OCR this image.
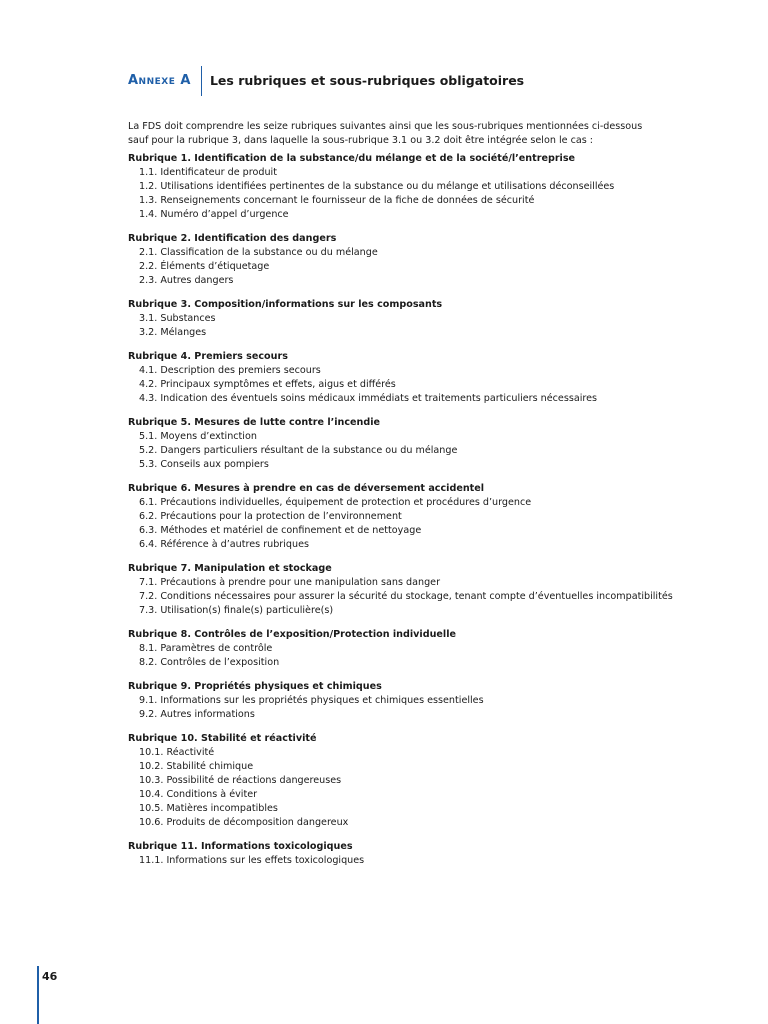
Annexe A	Les rubriques et sous-rubriques obligatoires

La FDS doit comprendre les seize rubriques suivantes ainsi que les sous-rubriques mentionnées ci-dessous
sauf pour la rubrique 3, dans laquelle la sous-rubrique 3.1 ou 3.2 doit être intégrée selon le cas :

Rubrique 1. Identification de la substance/du mélange et de la société/l’entreprise
1.1. Identificateur de produit
1.2. Utilisations identifiées pertinentes de la substance ou du mélange et utilisations déconseillées
1.3. Renseignements concernant le fournisseur de la fiche de données de sécurité
1.4. Numéro d’appel d’urgence
Rubrique 2. Identification des dangers
2.1. Classification de la substance ou du mélange
2.2. Éléments d’étiquetage
2.3. Autres dangers
Rubrique 3. Composition/informations sur les composants
3.1. Substances
3.2. Mélanges
Rubrique 4. Premiers secours
4.1. Description des premiers secours
4.2. Principaux symptômes et effets, aigus et différés
4.3. Indication des éventuels soins médicaux immédiats et traitements particuliers nécessaires
Rubrique 5. Mesures de lutte contre l’incendie
5.1. Moyens d’extinction
5.2. Dangers particuliers résultant de la substance ou du mélange
5.3. Conseils aux pompiers
Rubrique 6. Mesures à prendre en cas de déversement accidentel
6.1. Précautions individuelles, équipement de protection et procédures d’urgence
6.2. Précautions pour la protection de l’environnement
6.3. Méthodes et matériel de confinement et de nettoyage
6.4. Référence à d’autres rubriques
Rubrique 7. Manipulation et stockage
7.1. Précautions à prendre pour une manipulation sans danger
7.2. Conditions nécessaires pour assurer la sécurité du stockage, tenant compte d’éventuelles incompatibilités
7.3. Utilisation(s) finale(s) particulière(s)
Rubrique 8. Contrôles de l’exposition/Protection individuelle
8.1. Paramètres de contrôle
8.2. Contrôles de l’exposition
Rubrique 9. Propriétés physiques et chimiques
9.1. Informations sur les propriétés physiques et chimiques essentielles
9.2. Autres informations
Rubrique 10. Stabilité et réactivité
10.1. Réactivité
10.2. Stabilité chimique
10.3. Possibilité de réactions dangereuses
10.4. Conditions à éviter
10.5. Matières incompatibles
10.6. Produits de décomposition dangereux
Rubrique 11. Informations toxicologiques
11.1. Informations sur les effets toxicologiques
46
